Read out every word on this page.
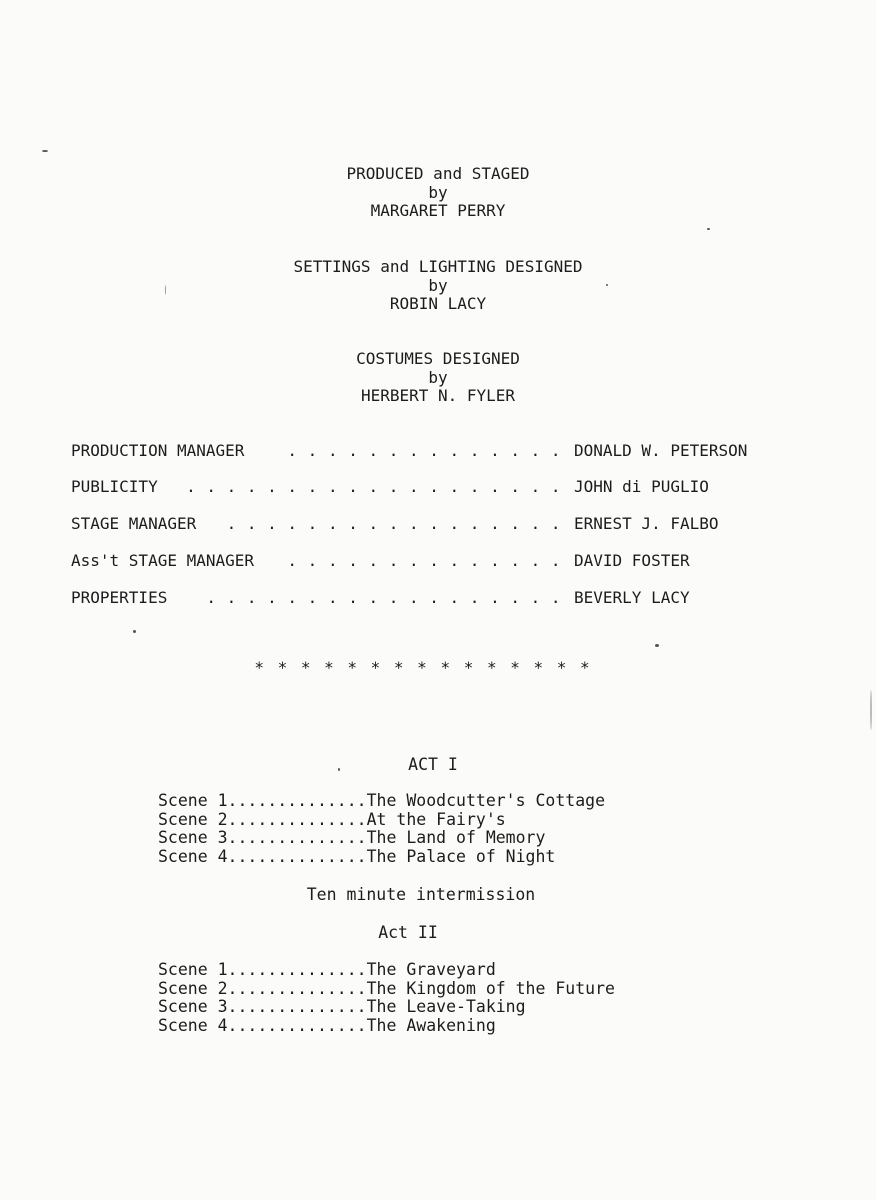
PRODUCED and STAGED
by
MARGARET PERRY
SETTINGS and LIGHTING DESIGNED
by
ROBIN LACY
COSTUMES DESIGNED
by
HERBERT N. FYLER
PRODUCTION MANAGER	. . . . . . . . . . . . . . DONALD W. PETERSON
PUBLICITY	. . . . . . . . . . . . . . . . . . . JOHN di PUGLIO
STAGE MANAGER	. . . . . . . . . . . . . . . . . ERNEST J. FALBO
Ass't STAGE MANAGER	. . . . . . . . . . . . . . DAVID FOSTER
PROPERTIES	. . . . . . . . . . . . . . . . . . BEVERLY LACY
* * * * * * * * * * * * * * *
ACT I
Scene 1..............The Woodcutter's Cottage
Scene 2..............At the Fairy's
Scene 3..............The Land of Memory
Scene 4..............The Palace of Night
Ten minute intermission
Act II
Scene 1..............The Graveyard
Scene 2..............The Kingdom of the Future
Scene 3..............The Leave-Taking
Scene 4..............The Awakening
